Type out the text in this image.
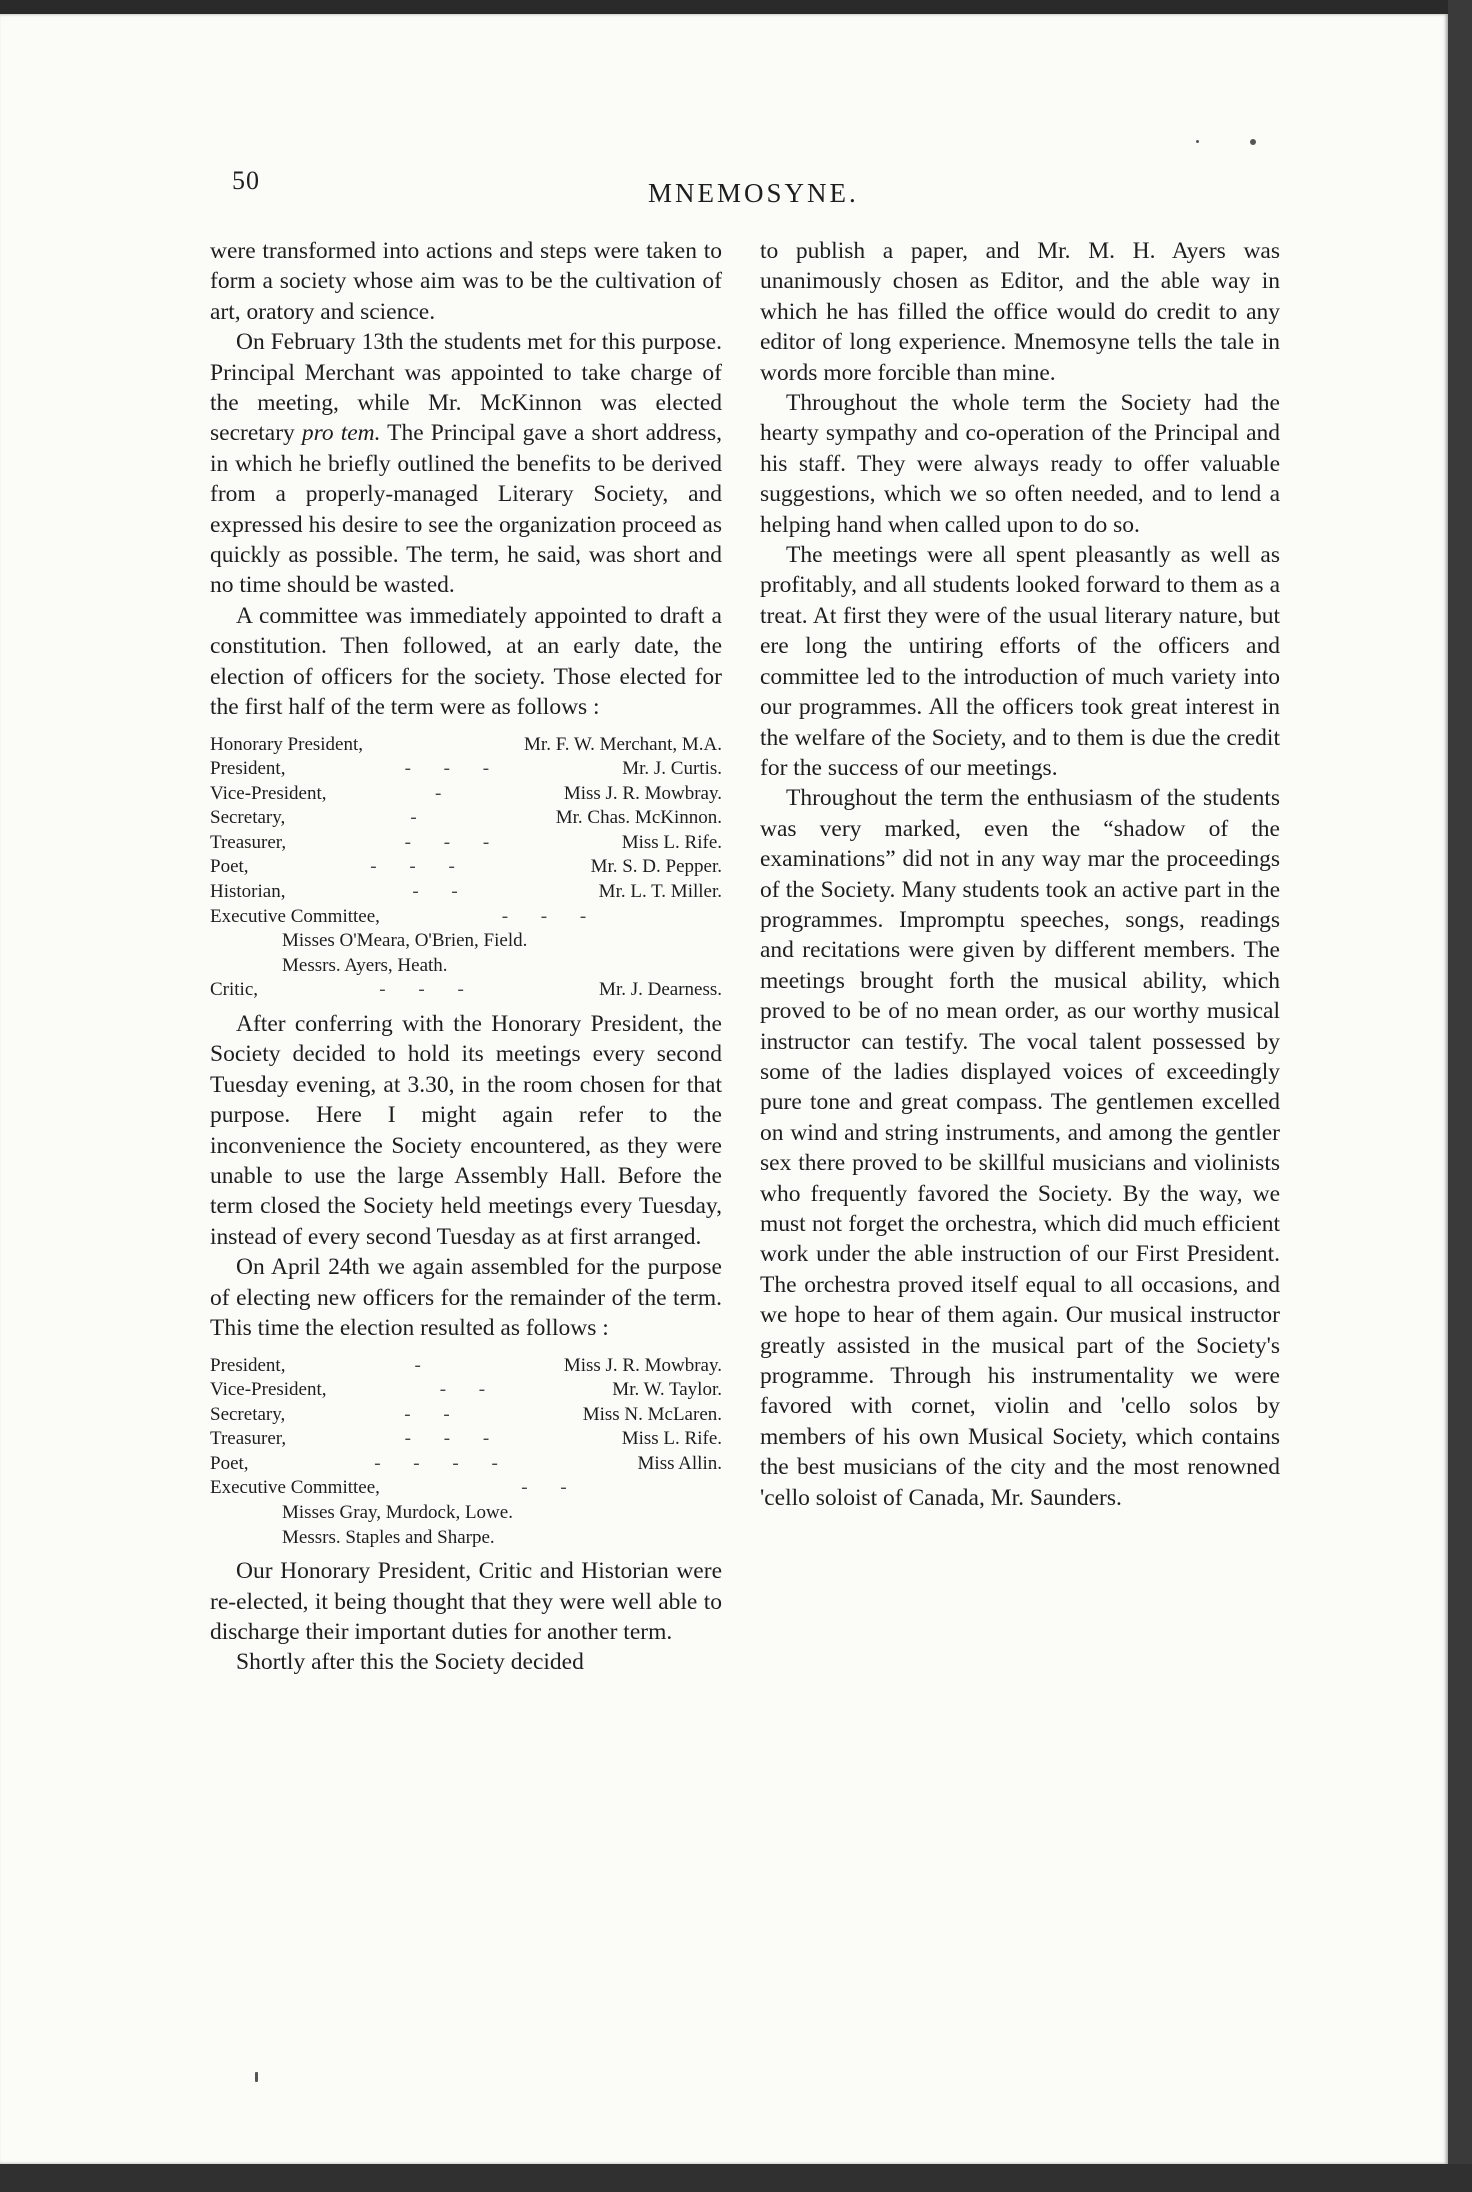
50	MNEMOSYNE.

were transformed into actions and steps were taken to form a society whose aim was to be the cultivation of art, oratory and science.

On February 13th the students met for this purpose. Principal Merchant was appointed to take charge of the meeting, while Mr. McKinnon was elected secretary pro tem. The Principal gave a short address, in which he briefly outlined the benefits to be derived from a properly-managed Literary Society, and expressed his desire to see the organization proceed as quickly as possible. The term, he said, was short and no time should be wasted.

A committee was immediately appointed to draft a constitution. Then followed, at an early date, the election of officers for the society. Those elected for the first half of the term were as follows :

Honorary President,	Mr. F. W. Merchant, M.A.
President,	- - -	Mr. J. Curtis.
Vice-President,	-	Miss J. R. Mowbray.
Secretary,	-	Mr. Chas. McKinnon.
Treasurer,	- - -	Miss L. Rife.
Poet,	- - -	Mr. S. D. Pepper.
Historian,	- -	Mr. L. T. Miller.
Executive Committee,	- - -
Misses O'Meara, O'Brien, Field.
Messrs. Ayers, Heath.
Critic,	- - -	Mr. J. Dearness.

After conferring with the Honorary President, the Society decided to hold its meetings every second Tuesday evening, at 3.30, in the room chosen for that purpose. Here I might again refer to the inconvenience the Society encountered, as they were unable to use the large Assembly Hall. Before the term closed the Society held meetings every Tuesday, instead of every second Tuesday as at first arranged.

On April 24th we again assembled for the purpose of electing new officers for the remainder of the term. This time the election resulted as follows :

President,	-	Miss J. R. Mowbray.
Vice-President,	- -	Mr. W. Taylor.
Secretary,	- -	Miss N. McLaren.
Treasurer,	- - -	Miss L. Rife.
Poet,	- - - -	Miss Allin.
Executive Committee,	- -
Misses Gray, Murdock, Lowe.
Messrs. Staples and Sharpe.

Our Honorary President, Critic and Historian were re-elected, it being thought that they were well able to discharge their important duties for another term.

Shortly after this the Society decided

to publish a paper, and Mr. M. H. Ayers was unanimously chosen as Editor, and the able way in which he has filled the office would do credit to any editor of long experience. Mnemosyne tells the tale in words more forcible than mine.

Throughout the whole term the Society had the hearty sympathy and co-operation of the Principal and his staff. They were always ready to offer valuable suggestions, which we so often needed, and to lend a helping hand when called upon to do so.

The meetings were all spent pleasantly as well as profitably, and all students looked forward to them as a treat. At first they were of the usual literary nature, but ere long the untiring efforts of the officers and committee led to the introduction of much variety into our programmes. All the officers took great interest in the welfare of the Society, and to them is due the credit for the success of our meetings.

Throughout the term the enthusiasm of the students was very marked, even the “shadow of the examinations” did not in any way mar the proceedings of the Society. Many students took an active part in the programmes. Impromptu speeches, songs, readings and recitations were given by different members. The meetings brought forth the musical ability, which proved to be of no mean order, as our worthy musical instructor can testify. The vocal talent possessed by some of the ladies displayed voices of exceedingly pure tone and great compass. The gentlemen excelled on wind and string instruments, and among the gentler sex there proved to be skillful musicians and violinists who frequently favored the Society. By the way, we must not forget the orchestra, which did much efficient work under the able instruction of our First President. The orchestra proved itself equal to all occasions, and we hope to hear of them again. Our musical instructor greatly assisted in the musical part of the Society's programme. Through his instrumentality we were favored with cornet, violin and 'cello solos by members of his own Musical Society, which contains the best musicians of the city and the most renowned 'cello soloist of Canada, Mr. Saunders.
